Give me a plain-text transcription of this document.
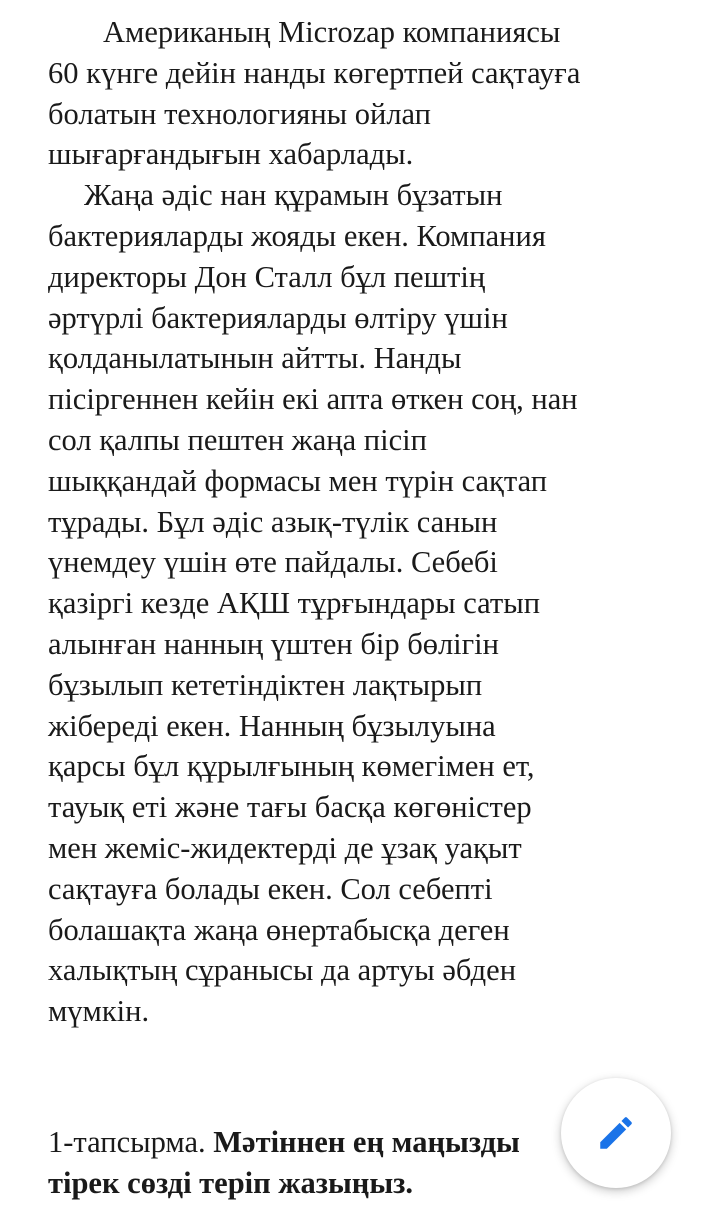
Американың Microzap компаниясы
60 күнге дейін нанды көгертпей сақтауға
болатын технологияны ойлап
шығарғандығын хабарлады.
Жаңа әдіс нан құрамын бұзатын
бактерияларды жояды екен. Компания
директоры Дон Сталл бұл пештің
әртүрлі бактерияларды өлтіру үшін
қолданылатынын айтты. Нанды
пісіргеннен кейін екі апта өткен соң, нан
сол қалпы пештен жаңа пісіп
шыққандай формасы мен түрін сақтап
тұрады. Бұл әдіс азық-түлік санын
үнемдеу үшін өте пайдалы. Себебі
қазіргі кезде АҚШ тұрғындары сатып
алынған нанның үштен бір бөлігін
бұзылып кететіндіктен лақтырып
жібереді екен. Нанның бұзылуына
қарсы бұл құрылғының көмегімен ет,
тауық еті және тағы басқа көгөністер
мен жеміс-жидектерді де ұзақ уақыт
сақтауға болады екен. Сол себепті
болашақта жаңа өнертабысқа деген
халықтың сұранысы да артуы әбден
мүмкін.
1-тапсырма. Мәтіннен ең маңызды
тірек сөзді теріп жазыңыз.
